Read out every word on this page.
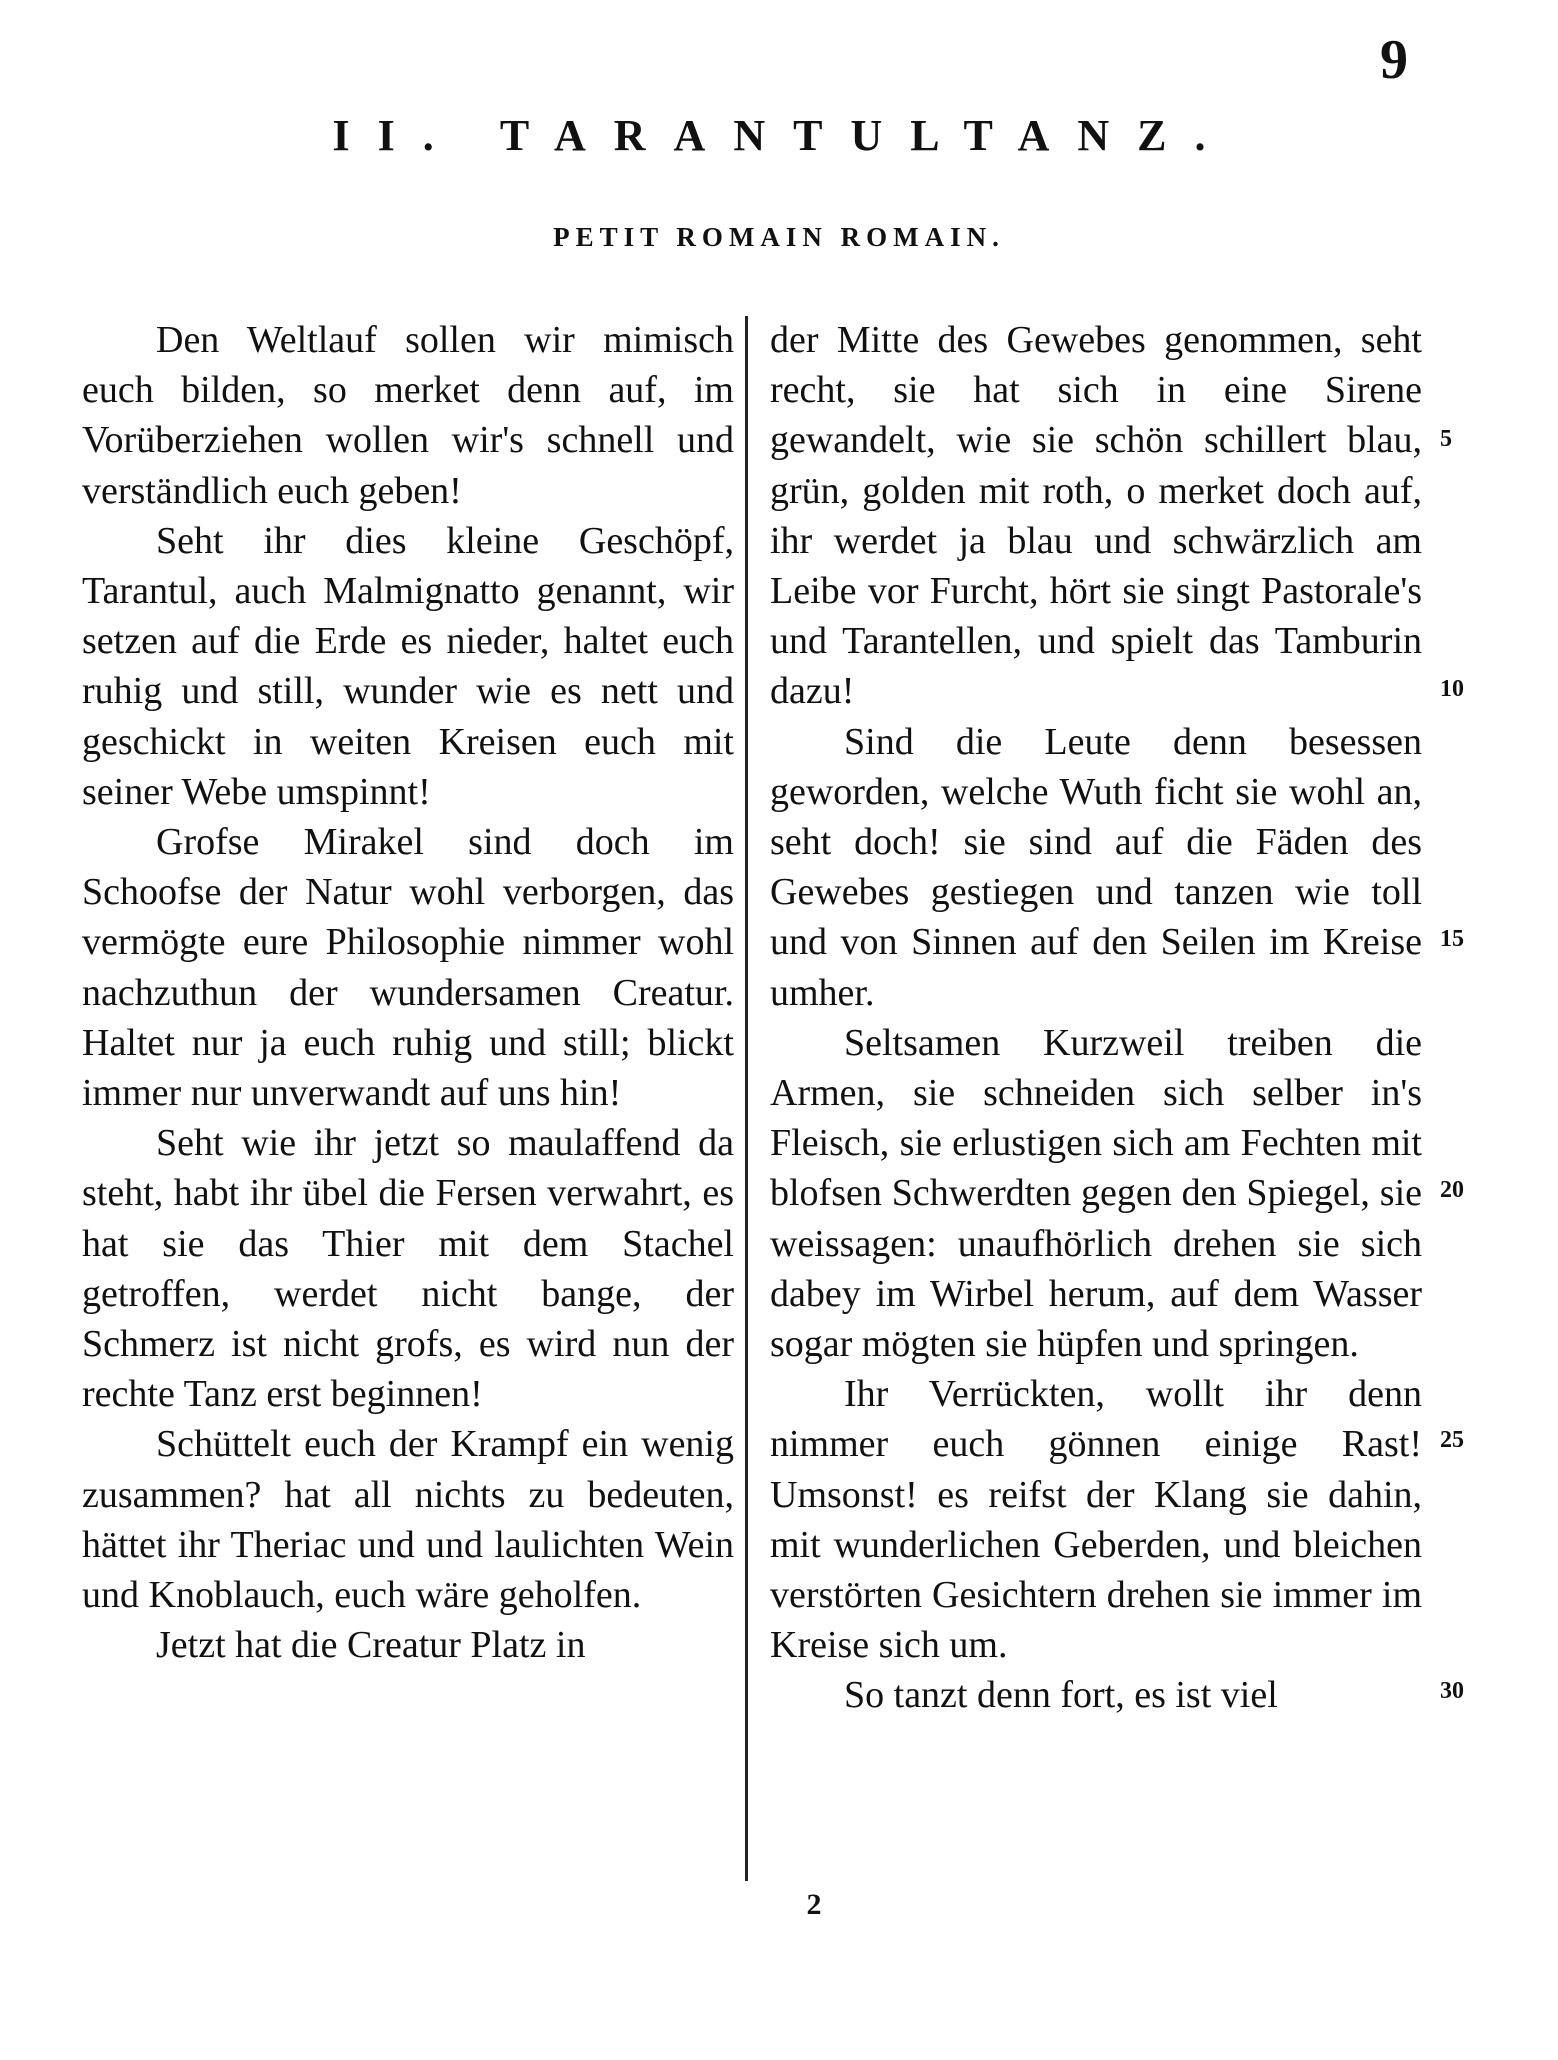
9
II. TARANTULTANZ.
PETIT ROMAIN ROMAIN.

Den Weltlauf sollen wir mimisch euch bilden, so merket denn auf, im Vorüberziehen wollen wir's schnell und verständlich euch geben!

Seht ihr dies kleine Geschöpf, Tarantul, auch Malmignatto genannt, wir setzen auf die Erde es nieder, haltet euch ruhig und still, wunder wie es nett und geschickt in weiten Kreisen euch mit seiner Webe umspinnt!

Grofse Mirakel sind doch im Schoofse der Natur wohl verborgen, das vermögte eure Philosophie nimmer wohl nachzuthun der wundersamen Creatur. Haltet nur ja euch ruhig und still; blickt immer nur unverwandt auf uns hin!

Seht wie ihr jetzt so maulaffend da steht, habt ihr übel die Fersen verwahrt, es hat sie das Thier mit dem Stachel getroffen, werdet nicht bange, der Schmerz ist nicht grofs, es wird nun der rechte Tanz erst beginnen!

Schüttelt euch der Krampf ein wenig zusammen? hat all nichts zu bedeuten, hättet ihr Theriac und und laulichten Wein und Knoblauch, euch wäre geholfen.

Jetzt hat die Creatur Platz in

der Mitte des Gewebes genommen, seht recht, sie hat sich in eine Sirene gewandelt, wie sie schön schillert blau, grün, golden mit roth, o merket doch auf, ihr werdet ja blau und schwärzlich am Leibe vor Furcht, hört sie singt Pastorale's und Tarantellen, und spielt das Tamburin dazu!

Sind die Leute denn besessen geworden, welche Wuth ficht sie wohl an, seht doch! sie sind auf die Fäden des Gewebes gestiegen und tanzen wie toll und von Sinnen auf den Seilen im Kreise umher.

Seltsamen Kurzweil treiben die Armen, sie schneiden sich selber in's Fleisch, sie erlustigen sich am Fechten mit blofsen Schwerdten gegen den Spiegel, sie weissagen: unaufhörlich drehen sie sich dabey im Wirbel herum, auf dem Wasser sogar mögten sie hüpfen und springen.

Ihr Verrückten, wollt ihr denn nimmer euch gönnen einige Rast! Umsonst! es reifst der Klang sie dahin, mit wunderlichen Geberden, und bleichen verstörten Gesichtern drehen sie immer im Kreise sich um.

So tanzt denn fort, es ist viel

5
10
15
20
25
30
2
